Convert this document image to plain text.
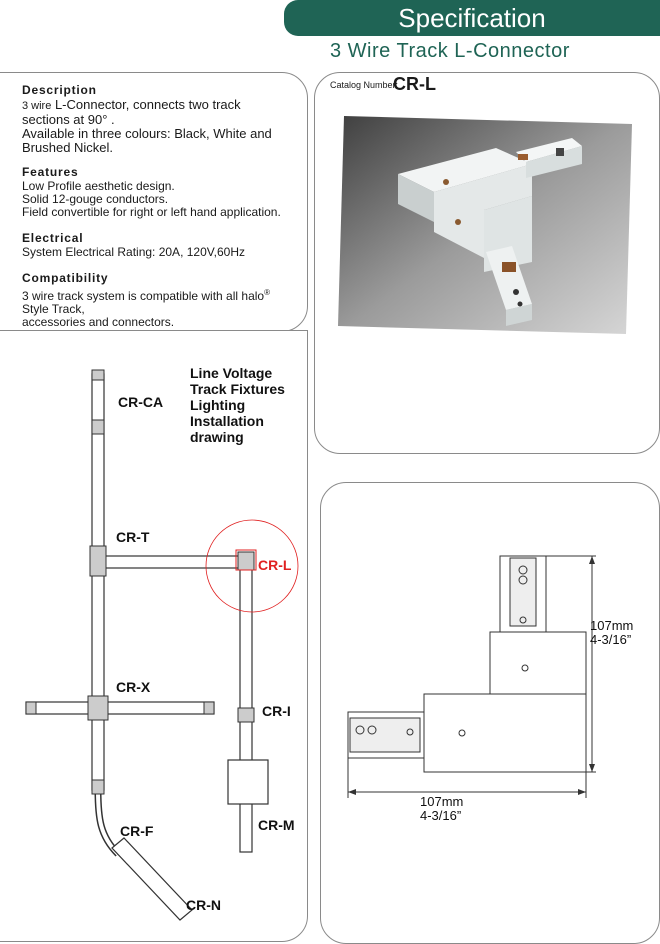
Specification
3 Wire Track L-Connector
Description
3 wire L-Connector, connects two track
sections at 90° .
Available in three colours: Black, White and
Brushed Nickel.
Features
Low Profile aesthetic design.
Solid 12-gouge conductors.
Field convertible for right or left hand application.
Electrical
System Electrical Rating: 20A, 120V,60Hz
Compatibility
3 wire track system is compatible with all halo®
Style Track,
accessories and connectors.
Catalog Number:
CR-L
Line Voltage
Track Fixtures
Lighting
Installation
drawing
CR-CA
CR-T
CR-L
CR-X
CR-I
CR-M
CR-F
CR-N
107mm
4-3/16”
107mm
4-3/16”
